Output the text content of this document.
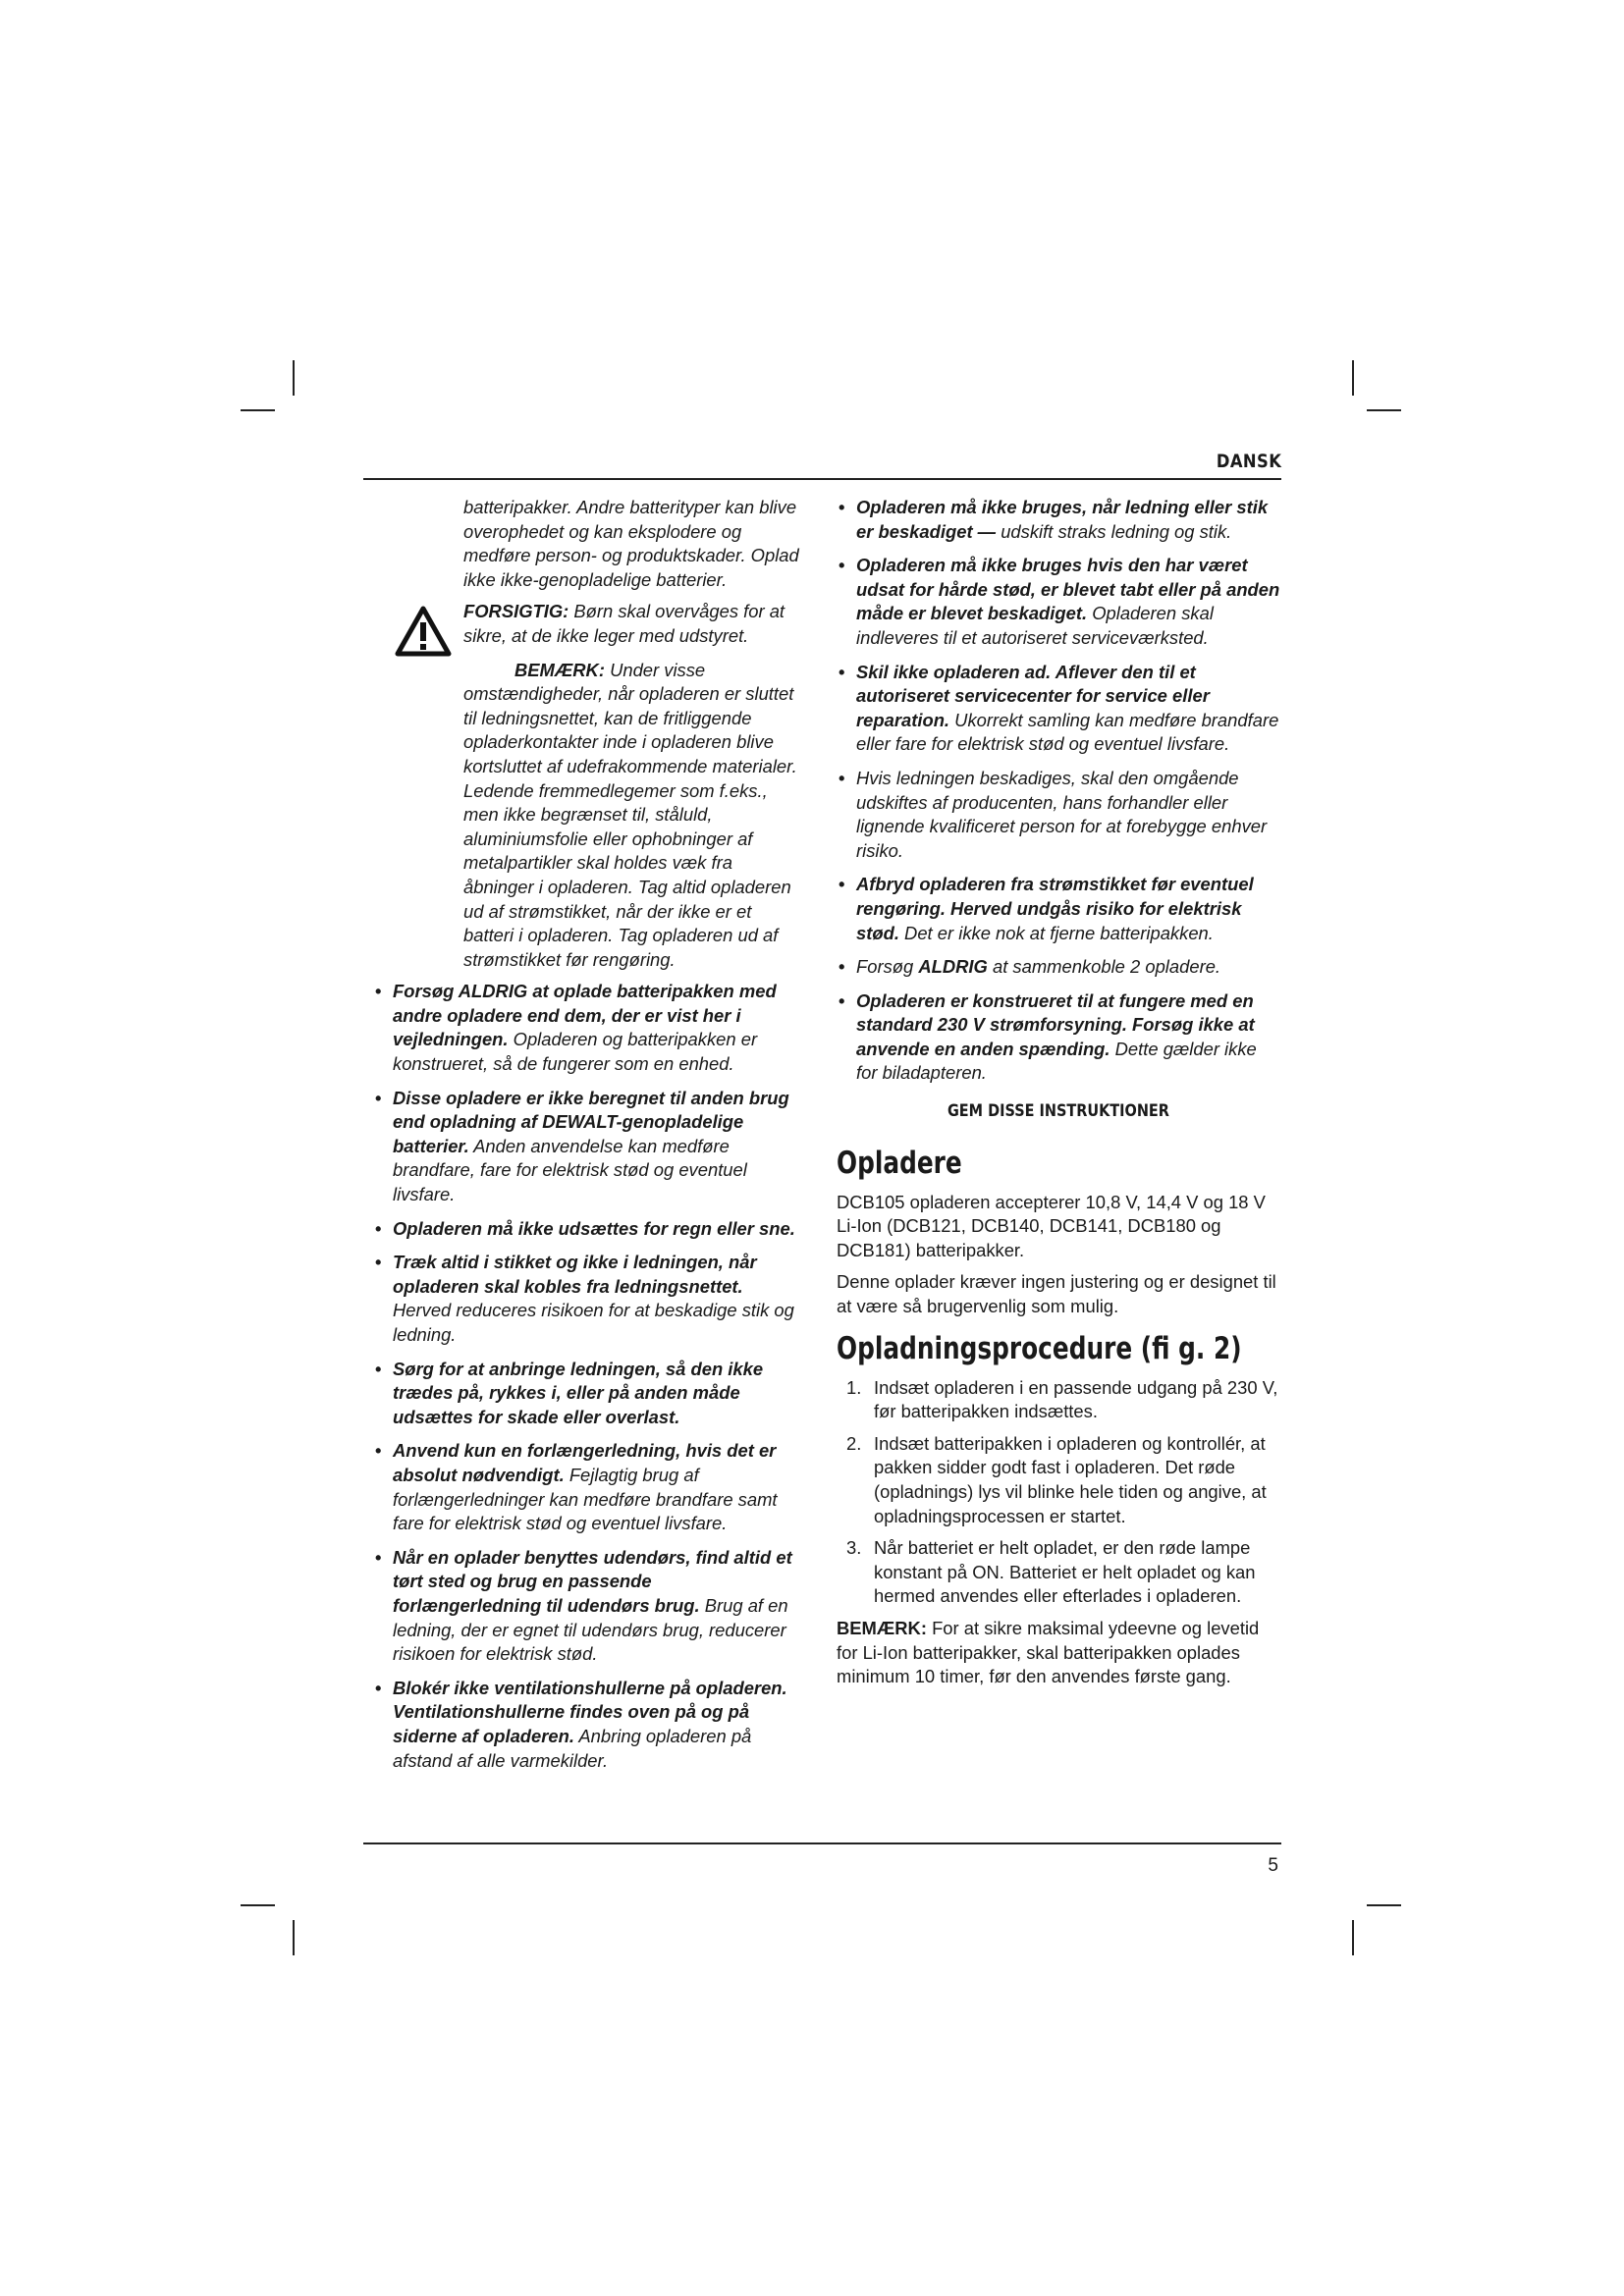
DANSK

batteripakker. Andre batterityper kan blive overophedet og kan eksplodere og medføre person- og produktskader. Oplad ikke ikke-genopladelige batterier.

FORSIGTIG: Børn skal overvåges for at sikre, at de ikke leger med udstyret.

BEMÆRK: Under visse omstændigheder, når opladeren er sluttet til ledningsnettet, kan de fritliggende opladerkontakter inde i opladeren blive kortsluttet af udefrakommende materialer. Ledende fremmedlegemer som f.eks., men ikke begrænset til, ståluld, aluminiumsfolie eller ophobninger af metalpartikler skal holdes væk fra åbninger i opladeren. Tag altid opladeren ud af strømstikket, når der ikke er et batteri i opladeren. Tag opladeren ud af strømstikket før rengøring.

• Forsøg ALDRIG at oplade batteripakken med andre opladere end dem, der er vist her i vejledningen. Opladeren og batteripakken er konstrueret, så de fungerer som en enhed.
• Disse opladere er ikke beregnet til anden brug end opladning af DEWALT-genopladelige batterier. Anden anvendelse kan medføre brandfare, fare for elektrisk stød og eventuel livsfare.
• Opladeren må ikke udsættes for regn eller sne.
• Træk altid i stikket og ikke i ledningen, når opladeren skal kobles fra ledningsnettet. Herved reduceres risikoen for at beskadige stik og ledning.
• Sørg for at anbringe ledningen, så den ikke trædes på, rykkes i, eller på anden måde udsættes for skade eller overlast.
• Anvend kun en forlængerledning, hvis det er absolut nødvendigt. Fejlagtig brug af forlængerledninger kan medføre brandfare samt fare for elektrisk stød og eventuel livsfare.
• Når en oplader benyttes udendørs, find altid et tørt sted og brug en passende forlængerledning til udendørs brug. Brug af en ledning, der er egnet til udendørs brug, reducerer risikoen for elektrisk stød.
• Blokér ikke ventilationshullerne på opladeren. Ventilationshullerne findes oven på og på siderne af opladeren. Anbring opladeren på afstand af alle varmekilder.
• Opladeren må ikke bruges, når ledning eller stik er beskadiget — udskift straks ledning og stik.
• Opladeren må ikke bruges hvis den har været udsat for hårde stød, er blevet tabt eller på anden måde er blevet beskadiget. Opladeren skal indleveres til et autoriseret serviceværksted.
• Skil ikke opladeren ad. Aflever den til et autoriseret servicecenter for service eller reparation. Ukorrekt samling kan medføre brandfare eller fare for elektrisk stød og eventuel livsfare.
• Hvis ledningen beskadiges, skal den omgående udskiftes af producenten, hans forhandler eller lignende kvalificeret person for at forebygge enhver risiko.
• Afbryd opladeren fra strømstikket før eventuel rengøring. Herved undgås risiko for elektrisk stød. Det er ikke nok at fjerne batteripakken.
• Forsøg ALDRIG at sammenkoble 2 opladere.
• Opladeren er konstrueret til at fungere med en standard 230 V strømforsyning. Forsøg ikke at anvende en anden spænding. Dette gælder ikke for biladapteren.
GEM DISSE INSTRUKTIONER
Opladere

DCB105 opladeren accepterer 10,8 V, 14,4 V og 18 V Li-Ion (DCB121, DCB140, DCB141, DCB180 og DCB181) batteripakker.

Denne oplader kræver ingen justering og er designet til at være så brugervenlig som mulig.

Opladningsprocedure (fi g. 2)
1. Indsæt opladeren i en passende udgang på 230 V, før batteripakken indsættes.
2. Indsæt batteripakken i opladeren og kontrollér, at pakken sidder godt fast i opladeren. Det røde (opladnings) lys vil blinke hele tiden og angive, at opladningsprocessen er startet.
3. Når batteriet er helt opladet, er den røde lampe konstant på ON. Batteriet er helt opladet og kan hermed anvendes eller efterlades i opladeren.

BEMÆRK: For at sikre maksimal ydeevne og levetid for Li-Ion batteripakker, skal batteripakken oplades minimum 10 timer, før den anvendes første gang.

5
